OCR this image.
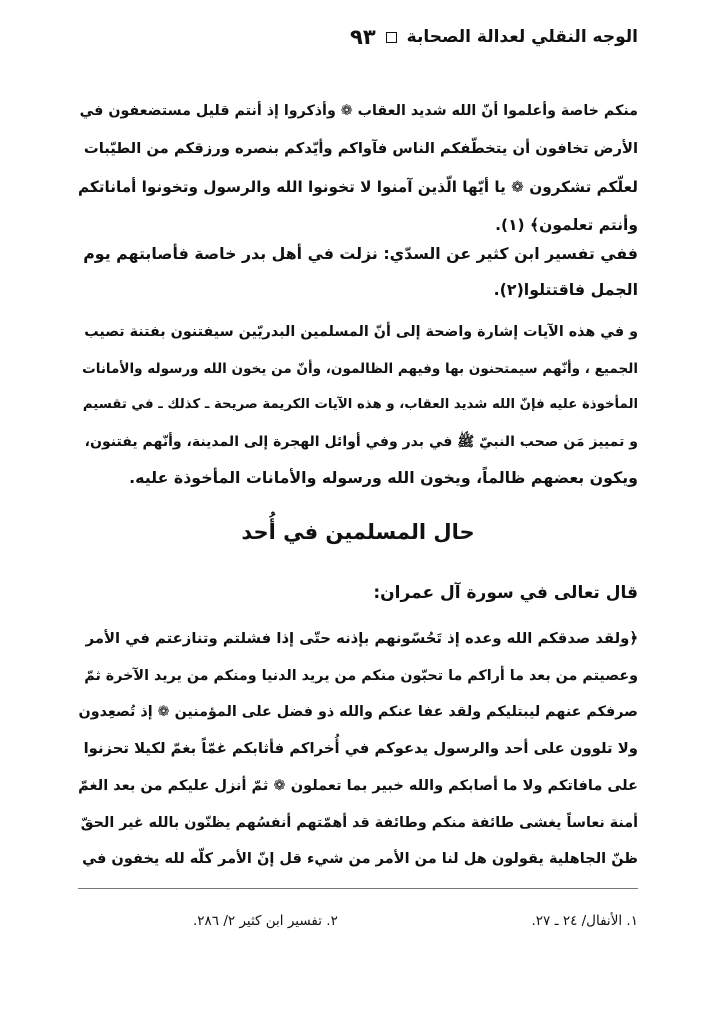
الوجه النقلي لعدالة الصحابة
٩٣
منكم خاصة وأعلموا أنّ الله شديد العقاب ❁ وأذكروا إذ أنتم قليل مستضعفون في
الأرض تخافون أن يتخطّفكم الناس فآواكم وأيّدكم بنصره ورزقكم من الطيّبات
لعلّكم تشكرون ❁ يا أيّها الّذين آمنوا لا تخونوا الله والرسول وتخونوا أماناتكم
وأنتم تعلمون﴾ (١).
ففي تفسير ابن كثير عن السدّي: نزلت في أهل بدر خاصة فأصابتهم يوم
الجمل فاقتتلوا(٢).
و في هذه الآيات إشارة واضحة إلى أنّ المسلمين البدريّين سيفتنون بفتنة تصيب
الجميع ، وأنّهم سيمتحنون بها وفيهم الظالمون، وأنّ من يخون الله ورسوله والأمانات
المأخوذة عليه فإنّ الله شديد العقاب، و هذه الآيات الكريمة صريحة ـ كذلك ـ في تقسيم
و تمييز مَن صحب النبيّ ﷺ في بدر وفي أوائل الهجرة إلى المدينة، وأنّهم يفتنون،
ويكون بعضهم ظالماً، ويخون الله ورسوله والأمانات المأخوذة عليه.
حال المسلمين في أُحد
قال تعالى في سورة آل عمران:
﴿ولقد صدقكم الله وعده إذ تَحُسّونهم بإذنه حتّى إذا فشلتم وتنازعتم في الأمر
وعصيتم من بعد ما أراكم ما تحبّون منكم من يريد الدنيا ومنكم من يريد الآخرة ثمّ
صرفكم عنهم ليبتليكم ولقد عفا عنكم والله ذو فضل على المؤمنين ❁ إذ تُصعِدون
ولا تلوون على أحد والرسول يدعوكم في أُخراكم فأثابكم غمّاً بغمّ لكيلا تحزنوا
على مافاتكم ولا ما أصابكم والله خبير بما تعملون ❁ ثمّ أنزل عليكم من بعد الغمّ
أمنة نعاساً يغشى طائفة منكم وطائفة قد أهمّتهم أنفسُهم يظنّون بالله غير الحقّ
ظنّ الجاهلية يقولون هل لنا من الأمر من شيء قل إنّ الأمر كلّه لله يخفون في
١. الأنفال/ ٢٤ ـ ٢٧.
٢. تفسير ابن كثير ٢/ ٢٨٦.
